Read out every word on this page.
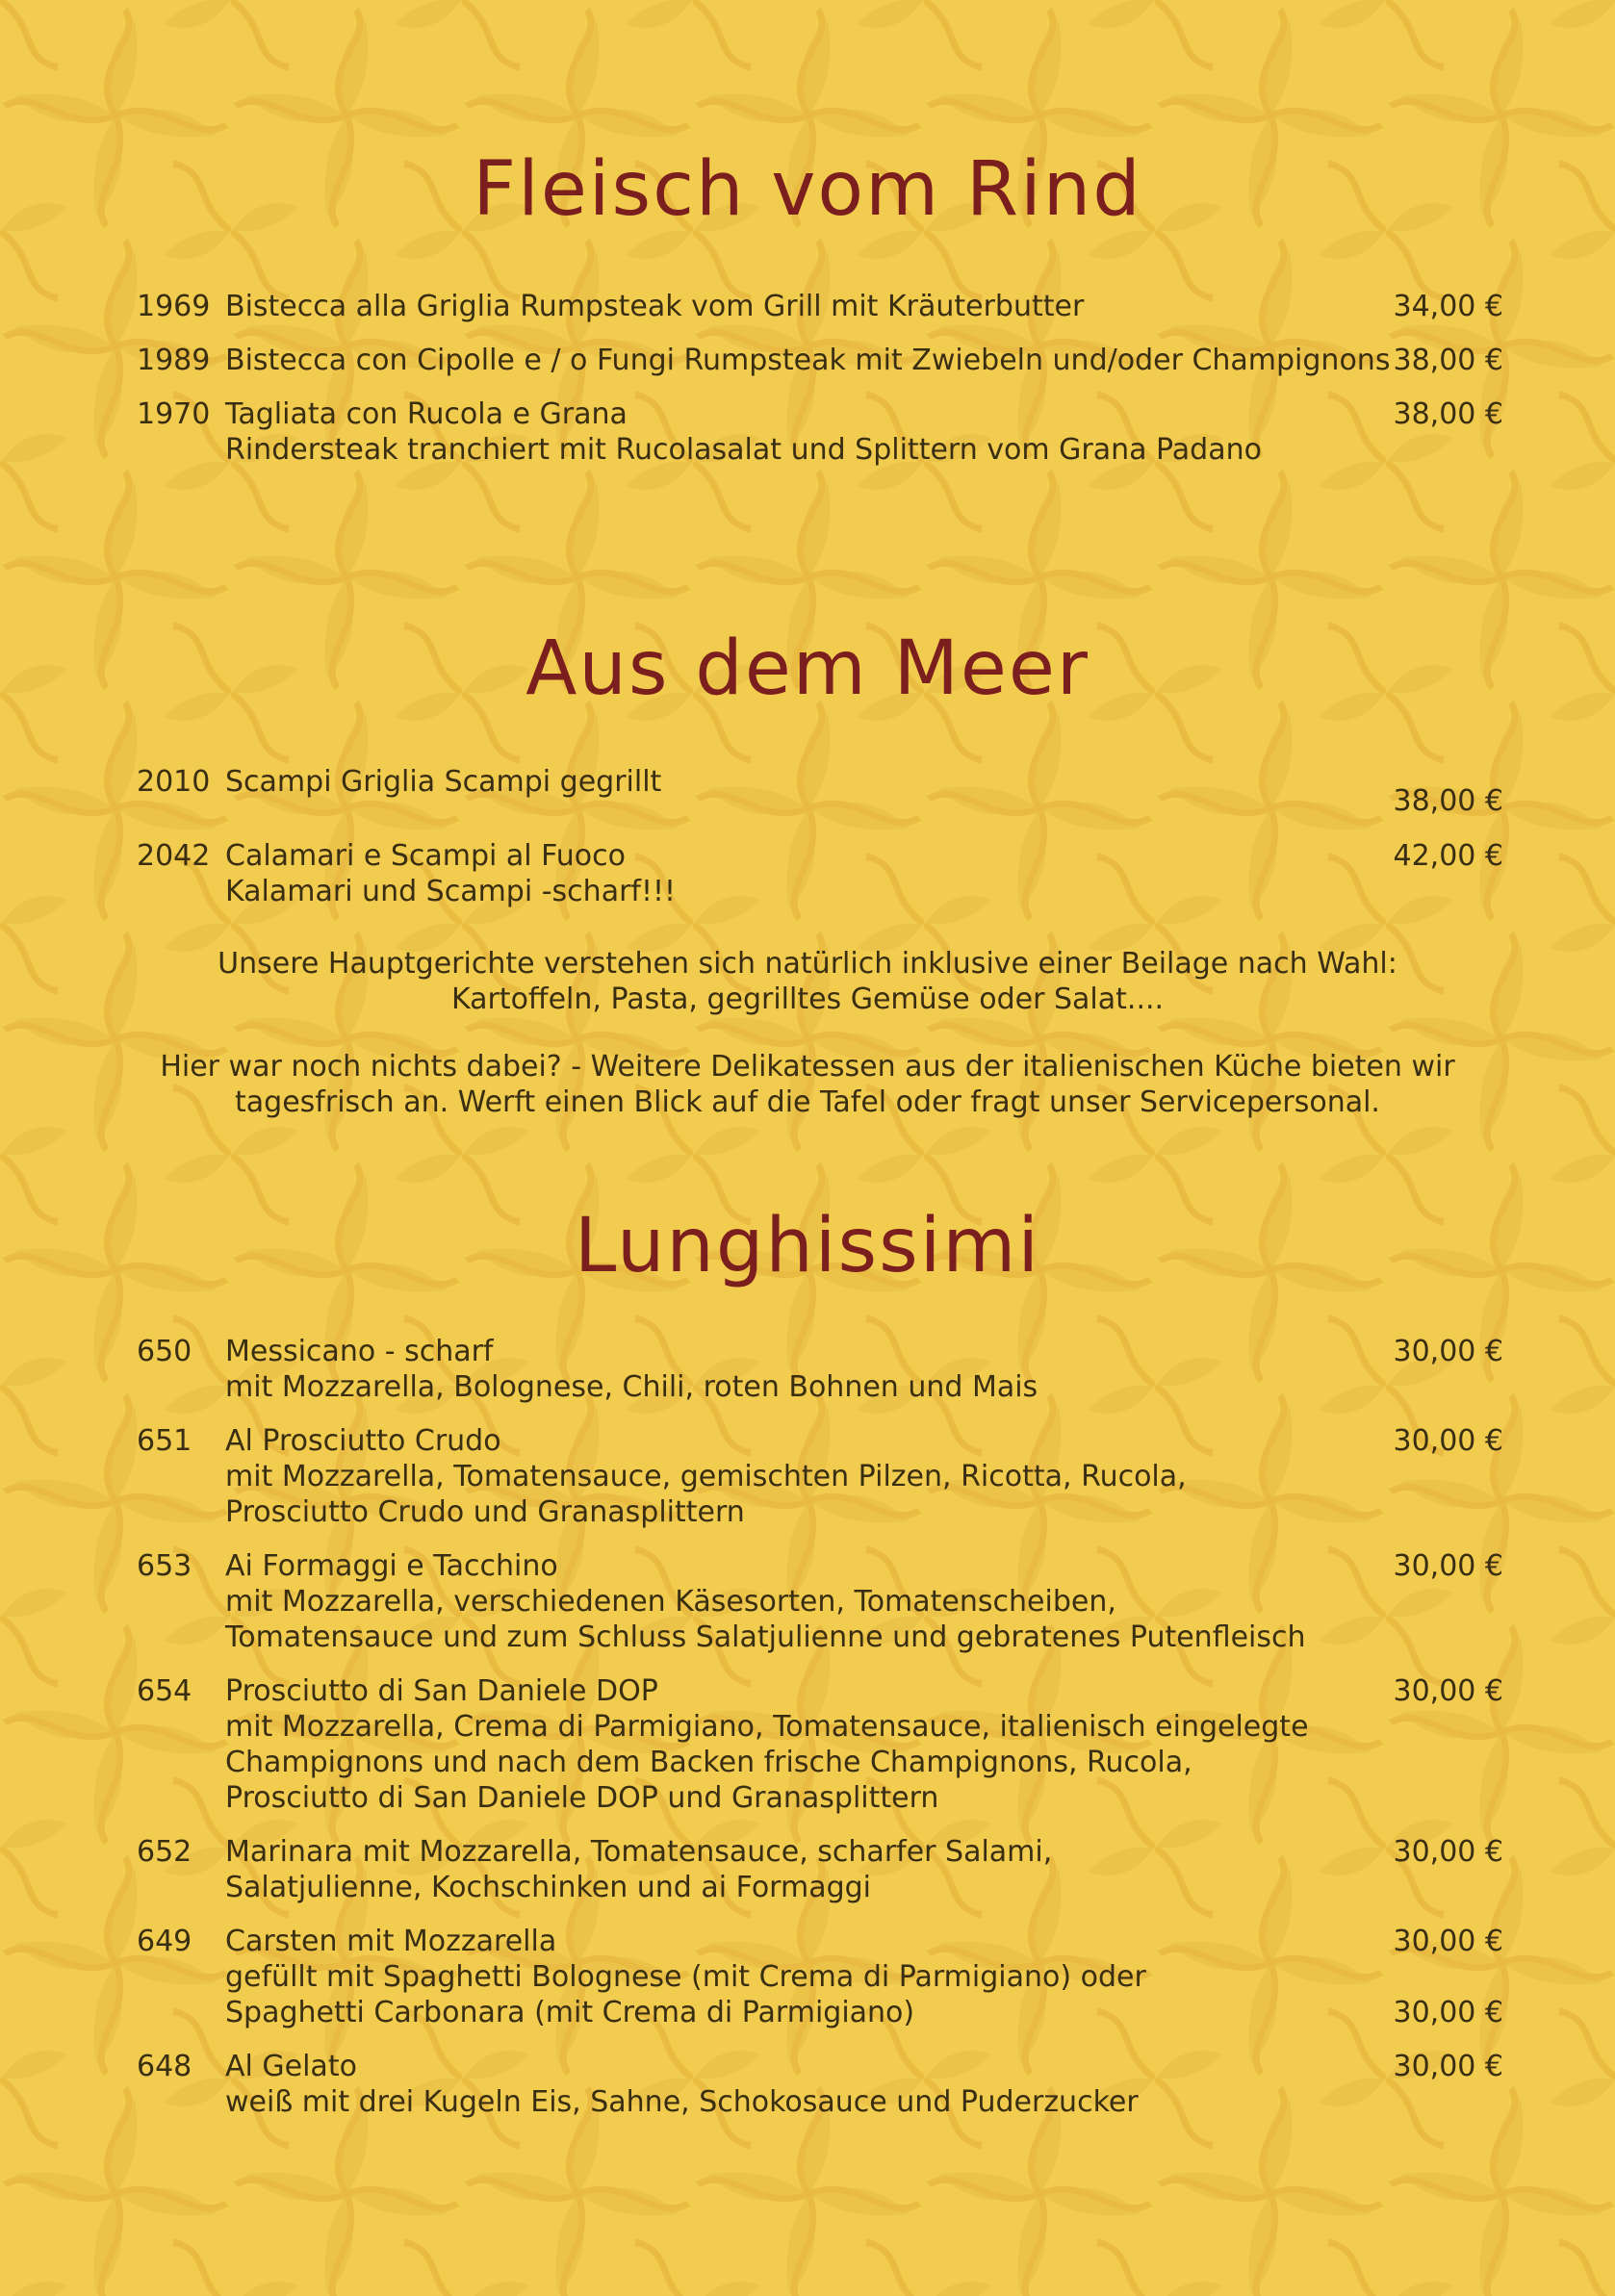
Fleisch vom Rind
1969 Bistecca alla Griglia Rumpsteak vom Grill mit Kräuterbutter	34,00 €
1989 Bistecca con Cipolle e / o Fungi Rumpsteak mit Zwiebeln und/oder Champignons 38,00 €
1970 Tagliata con Rucola e Grana
Rindersteak tranchiert mit Rucolasalat und Splittern vom Grana Padano
38,00 €
Aus dem Meer
2010 Scampi Griglia Scampi gegrillt
38,00 €
2042 Calamari e Scampi al Fuoco
Kalamari und Scampi -scharf!!!
42,00 €
Unsere Hauptgerichte verstehen sich natürlich inklusive einer Beilage nach Wahl:
Kartoffeln, Pasta, gegrilltes Gemüse oder Salat....
Hier war noch nichts dabei? - Weitere Delikatessen aus der italienischen Küche bieten wir
tagesfrisch an. Werft einen Blick auf die Tafel oder fragt unser Servicepersonal.
Lunghissimi
650 Messicano - scharf
mit Mozzarella, Bolognese, Chili, roten Bohnen und Mais
30,00 €
651 Al Prosciutto Crudo
mit Mozzarella, Tomatensauce, gemischten Pilzen, Ricotta, Rucola,
Prosciutto Crudo und Granasplittern
30,00 €
653 Ai Formaggi e Tacchino
mit Mozzarella, verschiedenen Käsesorten, Tomatenscheiben,
Tomatensauce und zum Schluss Salatjulienne und gebratenes Putenfleisch
30,00 €
654 Prosciutto di San Daniele DOP
mit Mozzarella, Crema di Parmigiano, Tomatensauce, italienisch eingelegte
Champignons und nach dem Backen frische Champignons, Rucola,
Prosciutto di San Daniele DOP und Granasplittern
30,00 €
652 Marinara mit Mozzarella, Tomatensauce, scharfer Salami,
Salatjulienne, Kochschinken und ai Formaggi
30,00 €
649 Carsten mit Mozzarella
gefüllt mit Spaghetti Bolognese (mit Crema di Parmigiano) oder
Spaghetti Carbonara (mit Crema di Parmigiano)
30,00 €
30,00 €
648 Al Gelato
weiß mit drei Kugeln Eis, Sahne, Schokosauce und Puderzucker
30,00 €
